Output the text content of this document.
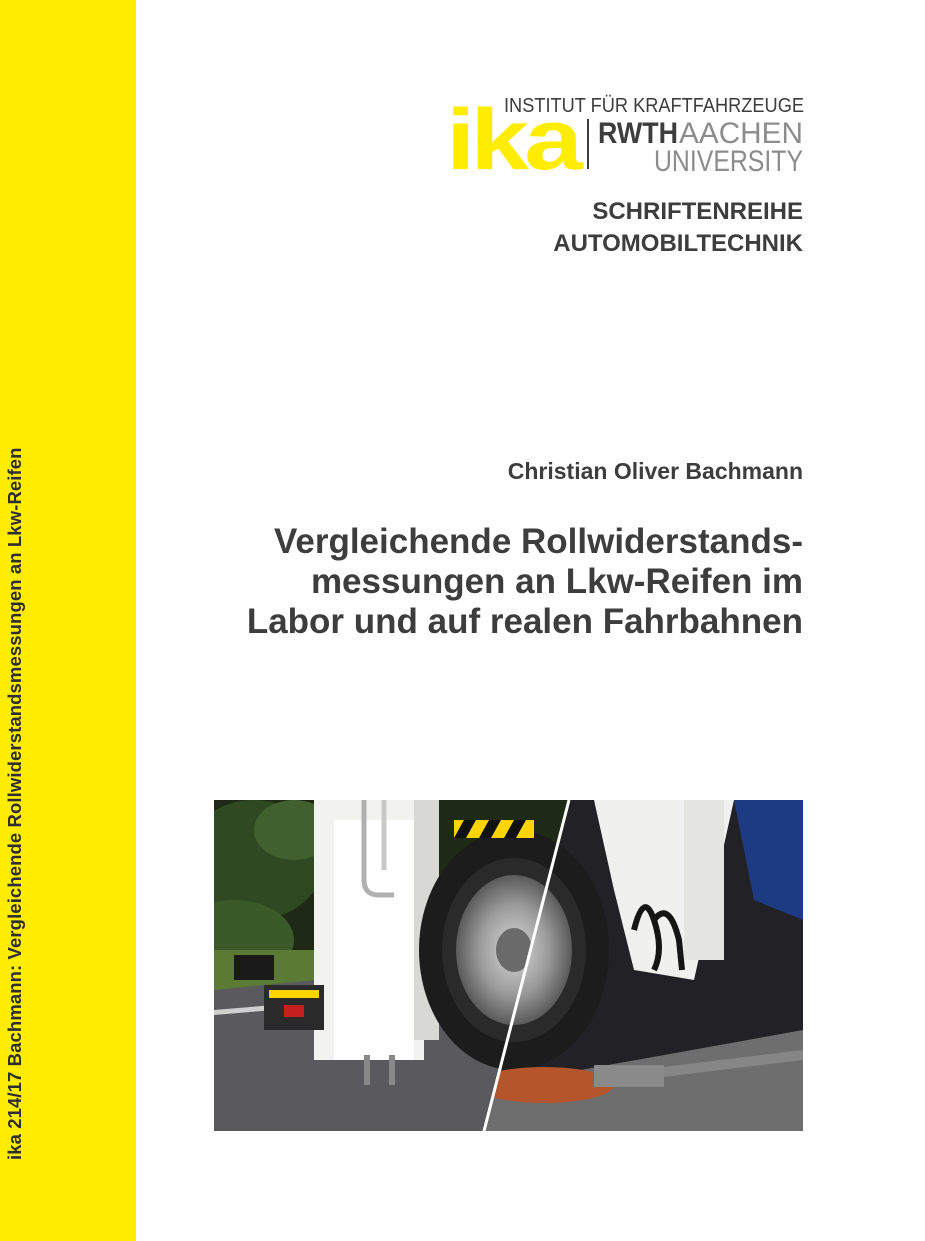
ika 214/17 Bachmann: Vergleichende Rollwiderstandsmessungen an Lkw-Reifen
ika
INSTITUT FÜR KRAFTFAHRZEUGE
RWTH AACHEN
UNIVERSITY
SCHRIFTENREIHE
AUTOMOBILTECHNIK
Christian Oliver Bachmann
Vergleichende Rollwiderstands-
messungen an Lkw-Reifen im
Labor und auf realen Fahrbahnen
